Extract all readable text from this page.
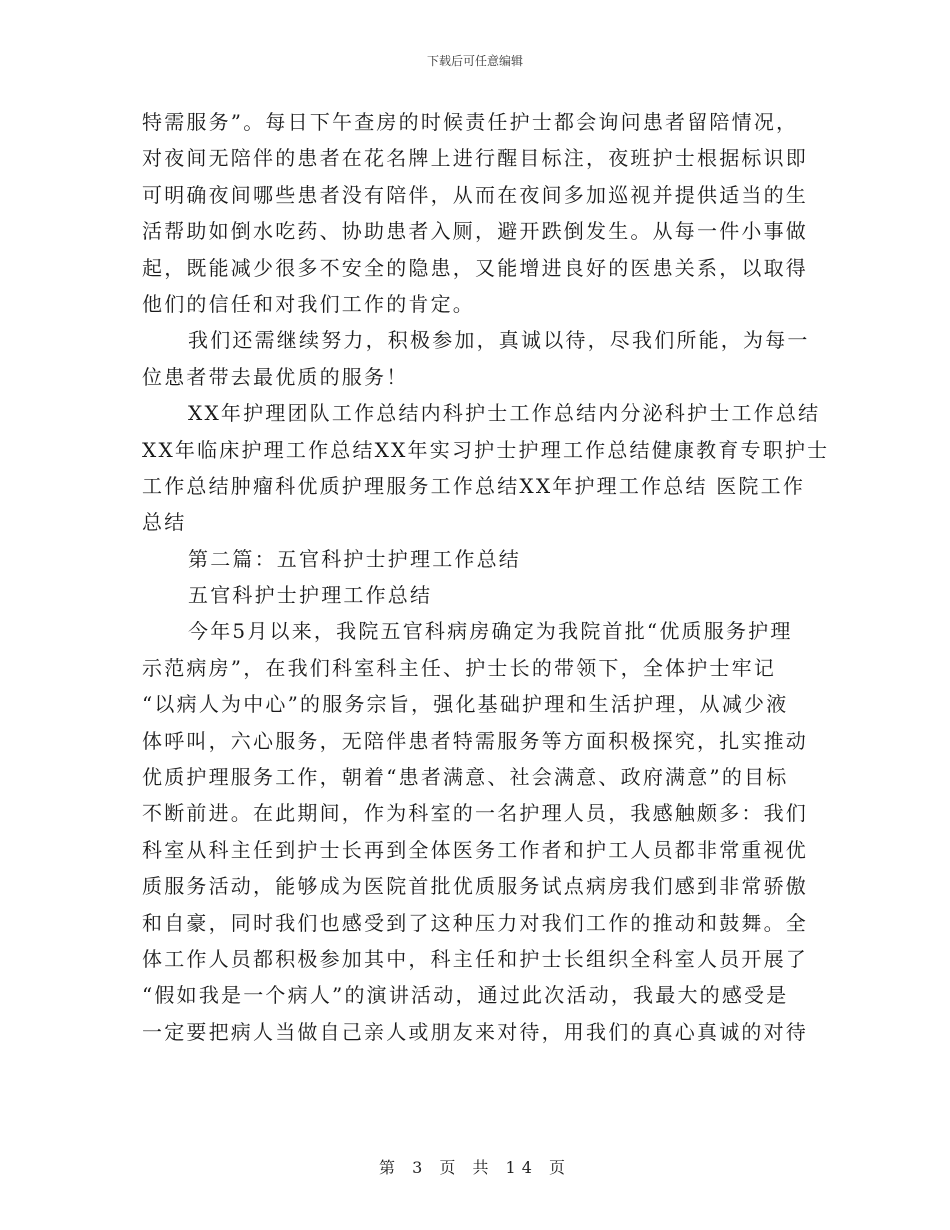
下载后可任意编辑
特需服务”。每日下午查房的时候责任护士都会询问患者留陪情况，
对夜间无陪伴的患者在花名牌上进行醒目标注，夜班护士根据标识即
可明确夜间哪些患者没有陪伴，从而在夜间多加巡视并提供适当的生
活帮助如倒水吃药、协助患者入厕，避开跌倒发生。从每一件小事做
起，既能减少很多不安全的隐患，又能增进良好的医患关系，以取得
他们的信任和对我们工作的肯定。
我们还需继续努力，积极参加，真诚以待，尽我们所能，为每一
位患者带去最优质的服务！
XX年护理团队工作总结内科护士工作总结内分泌科护士工作总结
XX年临床护理工作总结XX年实习护士护理工作总结健康教育专职护士
工作总结肿瘤科优质护理服务工作总结XX年护理工作总结 医院工作
总结
第二篇：五官科护士护理工作总结
五官科护士护理工作总结
今年5月以来，我院五官科病房确定为我院首批“优质服务护理
示范病房”，在我们科室科主任、护士长的带领下，全体护士牢记
“以病人为中心”的服务宗旨，强化基础护理和生活护理，从减少液
体呼叫，六心服务，无陪伴患者特需服务等方面积极探究，扎实推动
优质护理服务工作，朝着“患者满意、社会满意、政府满意”的目标
不断前进。在此期间，作为科室的一名护理人员，我感触颇多：我们
科室从科主任到护士长再到全体医务工作者和护工人员都非常重视优
质服务活动，能够成为医院首批优质服务试点病房我们感到非常骄傲
和自豪，同时我们也感受到了这种压力对我们工作的推动和鼓舞。全
体工作人员都积极参加其中，科主任和护士长组织全科室人员开展了
“假如我是一个病人”的演讲活动，通过此次活动，我最大的感受是
一定要把病人当做自己亲人或朋友来对待，用我们的真心真诚的对待
第 3 页 共 14 页
